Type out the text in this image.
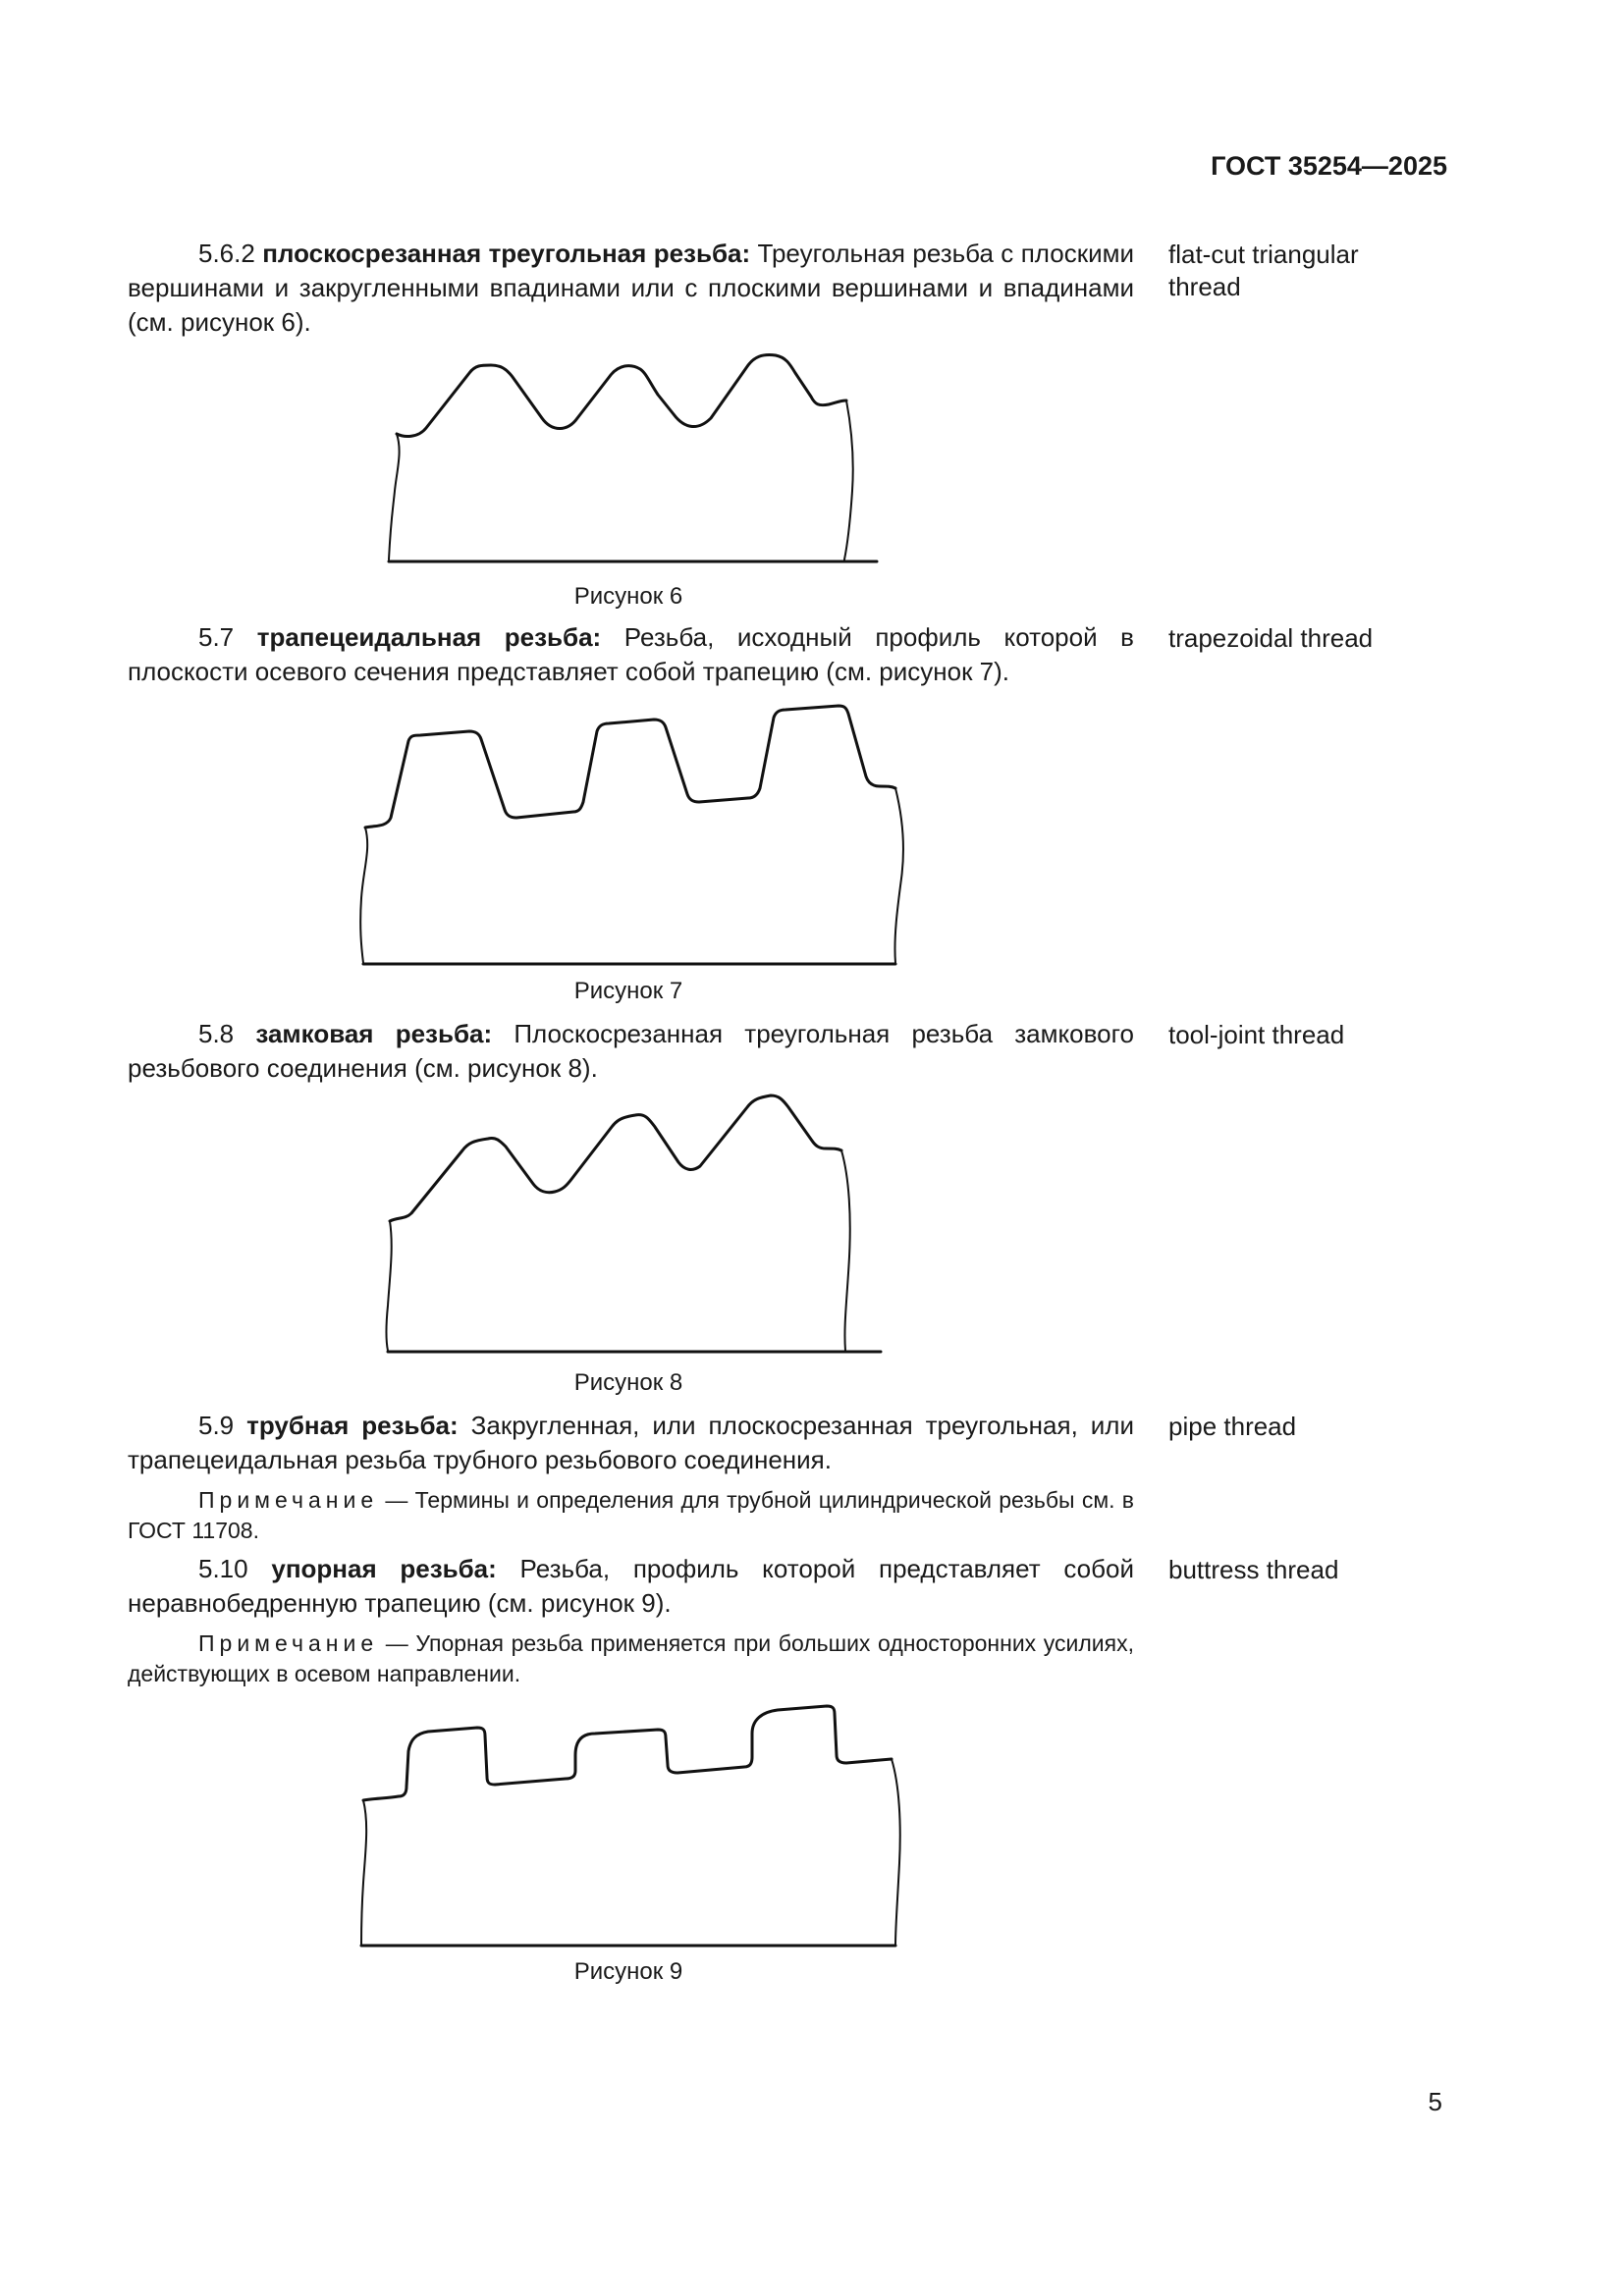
ГОСТ 35254—2025
5.6.2 плоскосрезанная треугольная резьба: Треугольная резьба с плоскими вершинами и закругленными впадинами или с плоскими вершинами и впадинами (см. рисунок 6).
flat-cut triangular thread
Рисунок 6
5.7 трапецеидальная резьба: Резьба, исходный профиль которой в плоскости осевого сечения представляет собой трапецию (см. рисунок 7).
trapezoidal thread
Рисунок 7
5.8 замковая резьба: Плоскосрезанная треугольная резьба замкового резьбового соединения (см. рисунок 8).
tool-joint thread
Рисунок 8
5.9 трубная резьба: Закругленная, или плоскосрезанная треугольная, или трапецеидальная резьба трубного резьбового соединения.
pipe thread
Примечание — Термины и определения для трубной цилиндрической резьбы см. в ГОСТ 11708.
5.10 упорная резьба: Резьба, профиль которой представляет собой неравнобедренную трапецию (см. рисунок 9).
buttress thread
Примечание — Упорная резьба применяется при больших односторонних усилиях, действующих в осевом направлении.
Рисунок 9
5
